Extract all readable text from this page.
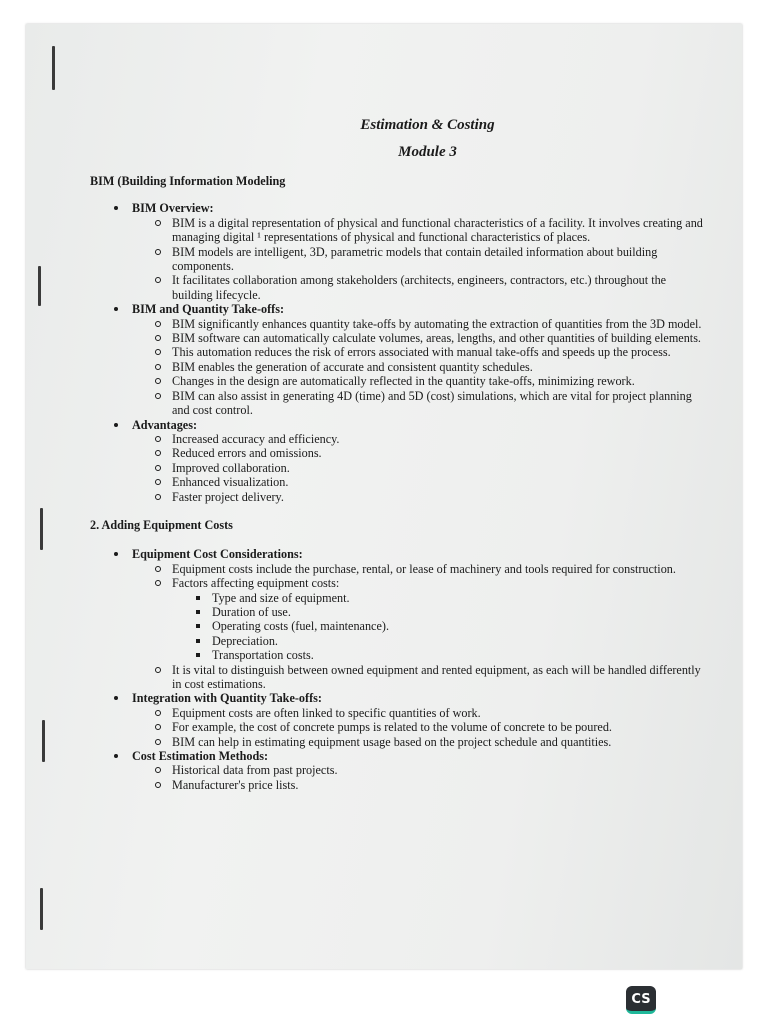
Estimation & Costing
Module 3

BIM (Building Information Modeling

BIM Overview:
BIM is a digital representation of physical and functional characteristics of a facility. It involves creating and managing digital ¹ representations of physical and functional characteristics of places.
BIM models are intelligent, 3D, parametric models that contain detailed information about building components.
It facilitates collaboration among stakeholders (architects, engineers, contractors, etc.) throughout the building lifecycle.
BIM and Quantity Take-offs:
BIM significantly enhances quantity take-offs by automating the extraction of quantities from the 3D model.
BIM software can automatically calculate volumes, areas, lengths, and other quantities of building elements.
This automation reduces the risk of errors associated with manual take-offs and speeds up the process.
BIM enables the generation of accurate and consistent quantity schedules.
Changes in the design are automatically reflected in the quantity take-offs, minimizing rework.
BIM can also assist in generating 4D (time) and 5D (cost) simulations, which are vital for project planning and cost control.
Advantages:
Increased accuracy and efficiency.
Reduced errors and omissions.
Improved collaboration.
Enhanced visualization.
Faster project delivery.

2. Adding Equipment Costs

Equipment Cost Considerations:
Equipment costs include the purchase, rental, or lease of machinery and tools required for construction.
Factors affecting equipment costs:
Type and size of equipment.
Duration of use.
Operating costs (fuel, maintenance).
Depreciation.
Transportation costs.
It is vital to distinguish between owned equipment and rented equipment, as each will be handled differently in cost estimations.
Integration with Quantity Take-offs:
Equipment costs are often linked to specific quantities of work.
For example, the cost of concrete pumps is related to the volume of concrete to be poured.
BIM can help in estimating equipment usage based on the project schedule and quantities.
Cost Estimation Methods:
Historical data from past projects.
Manufacturer's price lists.
CS
